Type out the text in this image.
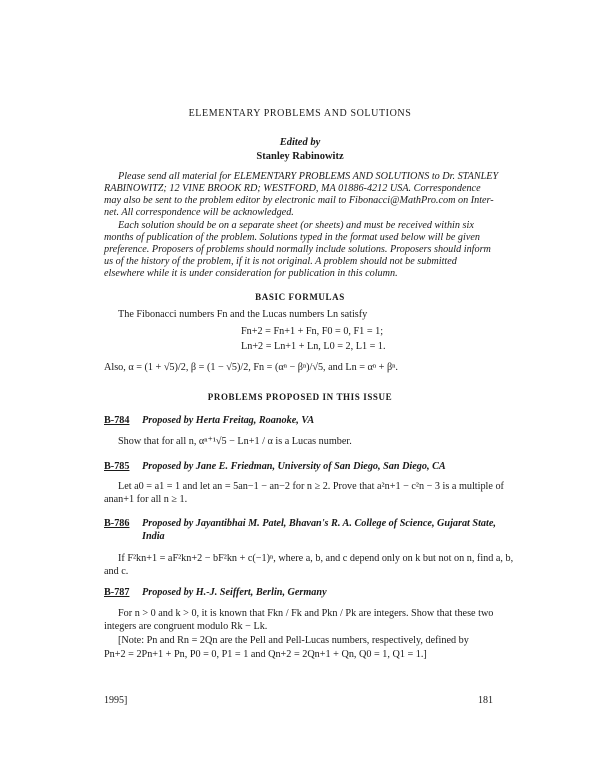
ELEMENTARY PROBLEMS AND SOLUTIONS
Edited by
Stanley Rabinowitz
Please send all material for ELEMENTARY PROBLEMS AND SOLUTIONS to Dr. STANLEY
RABINOWITZ; 12 VINE BROOK RD; WESTFORD, MA 01886-4212 USA. Correspondence
may also be sent to the problem editor by electronic mail to Fibonacci@MathPro.com on Inter-
net. All correspondence will be acknowledged.
Each solution should be on a separate sheet (or sheets) and must be received within six
months of publication of the problem. Solutions typed in the format used below will be given
preference. Proposers of problems should normally include solutions. Proposers should inform
us of the history of the problem, if it is not original. A problem should not be submitted
elsewhere while it is under consideration for publication in this column.
BASIC FORMULAS
The Fibonacci numbers Fn and the Lucas numbers Ln satisfy
Fn+2 = Fn+1 + Fn, F0 = 0, F1 = 1;
Ln+2 = Ln+1 + Ln, L0 = 2, L1 = 1.
Also, α = (1 + √5)/2, β = (1 − √5)/2, Fn = (αⁿ − βⁿ)/√5, and Ln = αⁿ + βⁿ.
PROBLEMS PROPOSED IN THIS ISSUE
B-784 Proposed by Herta Freitag, Roanoke, VA
Show that for all n, αⁿ⁺¹√5 − Ln+1 / α is a Lucas number.
B-785 Proposed by Jane E. Friedman, University of San Diego, San Diego, CA
Let a0 = a1 = 1 and let an = 5an−1 − an−2 for n ≥ 2. Prove that a²n+1 − c²n − 3 is a multiple of
anan+1 for all n ≥ 1.
B-786 Proposed by Jayantibhai M. Patel, Bhavan's R. A. College of Science, Gujarat State,
India
If F²kn+1 = aF²kn+2 − bF²kn + c(−1)ⁿ, where a, b, and c depend only on k but not on n, find a, b,
and c.
B-787 Proposed by H.-J. Seiffert, Berlin, Germany
For n > 0 and k > 0, it is known that Fkn / Fk and Pkn / Pk are integers. Show that these two
integers are congruent modulo Rk − Lk.
[Note: Pn and Rn = 2Qn are the Pell and Pell-Lucas numbers, respectively, defined by
Pn+2 = 2Pn+1 + Pn, P0 = 0, P1 = 1 and Qn+2 = 2Qn+1 + Qn, Q0 = 1, Q1 = 1.]
1995]	181
